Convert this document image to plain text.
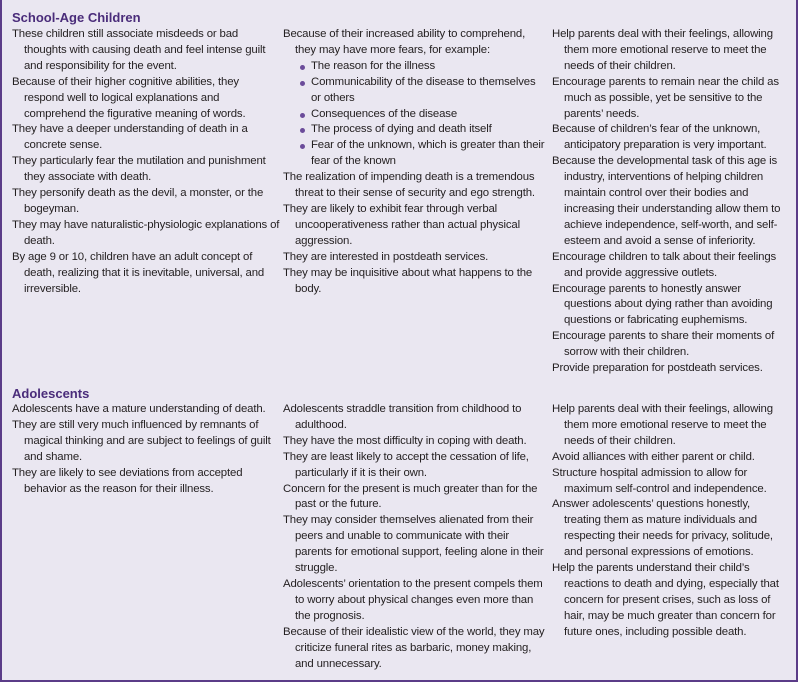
School-Age Children

These children still associate misdeeds or bad thoughts with causing death and feel intense guilt and responsibility for the event.

Because of their higher cognitive abilities, they respond well to logical explanations and comprehend the figurative meaning of words.

They have a deeper understanding of death in a concrete sense.

They particularly fear the mutilation and punishment they associate with death.

They personify death as the devil, a monster, or the bogeyman.

They may have naturalistic-physiologic explanations of death.

By age 9 or 10, children have an adult concept of death, realizing that it is inevitable, universal, and irreversible.

Because of their increased ability to comprehend, they may have more fears, for example:

The reason for the illness
Communicability of the disease to themselves or others
Consequences of the disease
The process of dying and death itself
Fear of the unknown, which is greater than their fear of the known

The realization of impending death is a tremendous threat to their sense of security and ego strength.

They are likely to exhibit fear through verbal uncooperativeness rather than actual physical aggression.

They are interested in postdeath services.

They may be inquisitive about what happens to the body.

Help parents deal with their feelings, allowing them more emotional reserve to meet the needs of their children.

Encourage parents to remain near the child as much as possible, yet be sensitive to the parents’ needs.

Because of children’s fear of the unknown, anticipatory preparation is very important.

Because the developmental task of this age is industry, interventions of helping children maintain control over their bodies and increasing their understanding allow them to achieve independence, self-worth, and self-esteem and avoid a sense of inferiority.

Encourage children to talk about their feelings and provide aggressive outlets.

Encourage parents to honestly answer questions about dying rather than avoiding questions or fabricating euphemisms.

Encourage parents to share their moments of sorrow with their children.

Provide preparation for postdeath services.

Adolescents

Adolescents have a mature understanding of death.

They are still very much influenced by remnants of magical thinking and are subject to feelings of guilt and shame.

They are likely to see deviations from accepted behavior as the reason for their illness.

Adolescents straddle transition from childhood to adulthood.

They have the most difficulty in coping with death.

They are least likely to accept the cessation of life, particularly if it is their own.

Concern for the present is much greater than for the past or the future.

They may consider themselves alienated from their peers and unable to communicate with their parents for emotional support, feeling alone in their struggle.

Adolescents’ orientation to the present compels them to worry about physical changes even more than the prognosis.

Because of their idealistic view of the world, they may criticize funeral rites as barbaric, money making, and unnecessary.

Help parents deal with their feelings, allowing them more emotional reserve to meet the needs of their children.

Avoid alliances with either parent or child.

Structure hospital admission to allow for maximum self-control and independence.

Answer adolescents’ questions honestly, treating them as mature individuals and respecting their needs for privacy, solitude, and personal expressions of emotions.

Help the parents understand their child’s reactions to death and dying, especially that concern for present crises, such as loss of hair, may be much greater than concern for future ones, including possible death.
